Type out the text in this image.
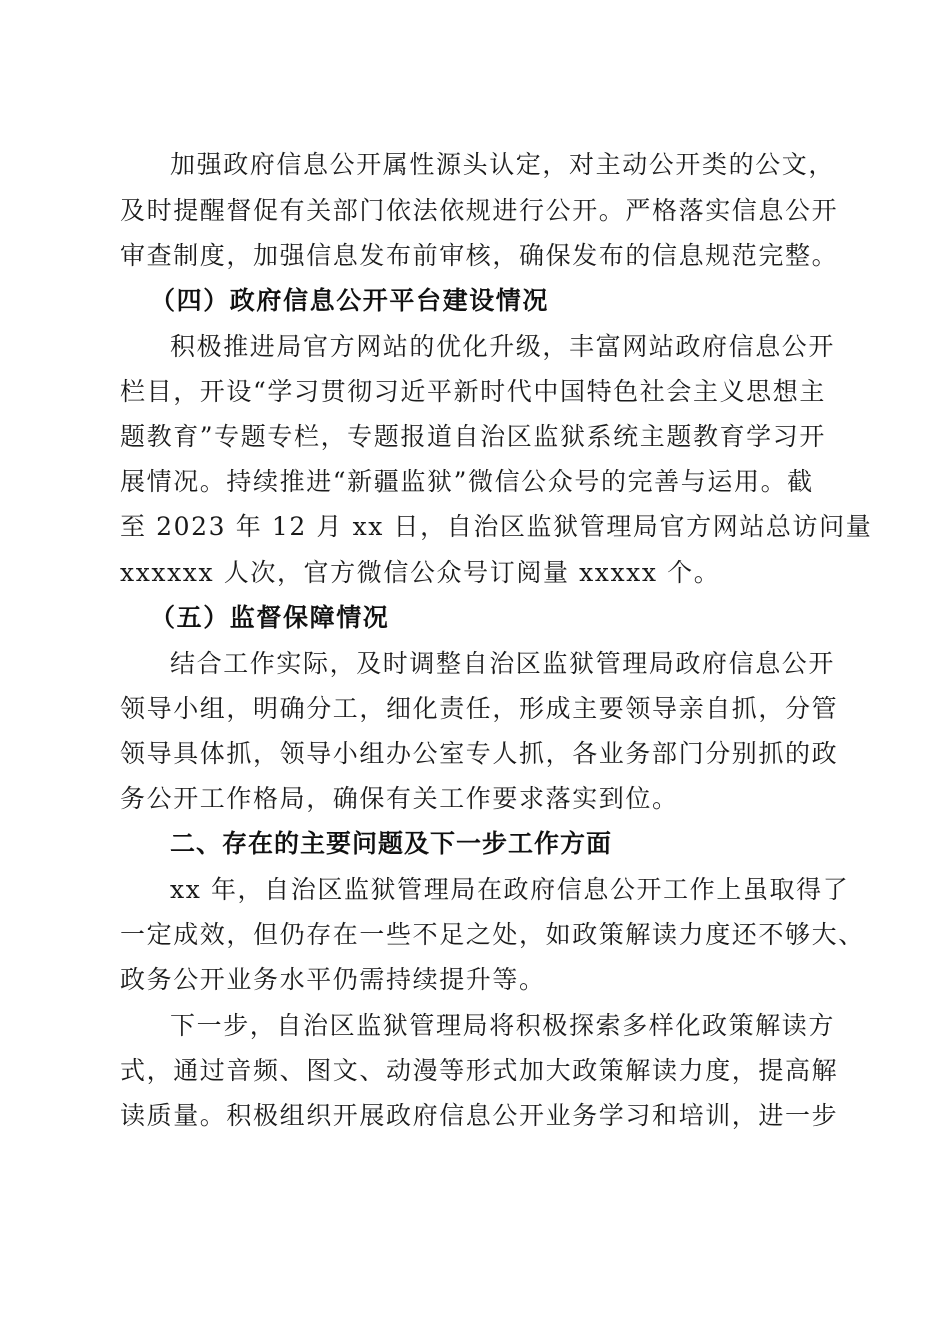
加强政府信息公开属性源头认定，对主动公开类的公文，
及时提醒督促有关部门依法依规进行公开。严格落实信息公开
审查制度，加强信息发布前审核，确保发布的信息规范完整。
（四）政府信息公开平台建设情况
积极推进局官方网站的优化升级，丰富网站政府信息公开
栏目，开设“学习贯彻习近平新时代中国特色社会主义思想主
题教育”专题专栏，专题报道自治区监狱系统主题教育学习开
展情况。持续推进“新疆监狱”微信公众号的完善与运用。截
至 2023 年 12 月 xx 日，自治区监狱管理局官方网站总访问量
xxxxxx 人次，官方微信公众号订阅量 xxxxx 个。
（五）监督保障情况
结合工作实际，及时调整自治区监狱管理局政府信息公开
领导小组，明确分工，细化责任，形成主要领导亲自抓，分管
领导具体抓，领导小组办公室专人抓，各业务部门分别抓的政
务公开工作格局，确保有关工作要求落实到位。
二、存在的主要问题及下一步工作方面
xx 年，自治区监狱管理局在政府信息公开工作上虽取得了
一定成效，但仍存在一些不足之处，如政策解读力度还不够大、
政务公开业务水平仍需持续提升等。
下一步，自治区监狱管理局将积极探索多样化政策解读方
式，通过音频、图文、动漫等形式加大政策解读力度，提高解
读质量。积极组织开展政府信息公开业务学习和培训，进一步
